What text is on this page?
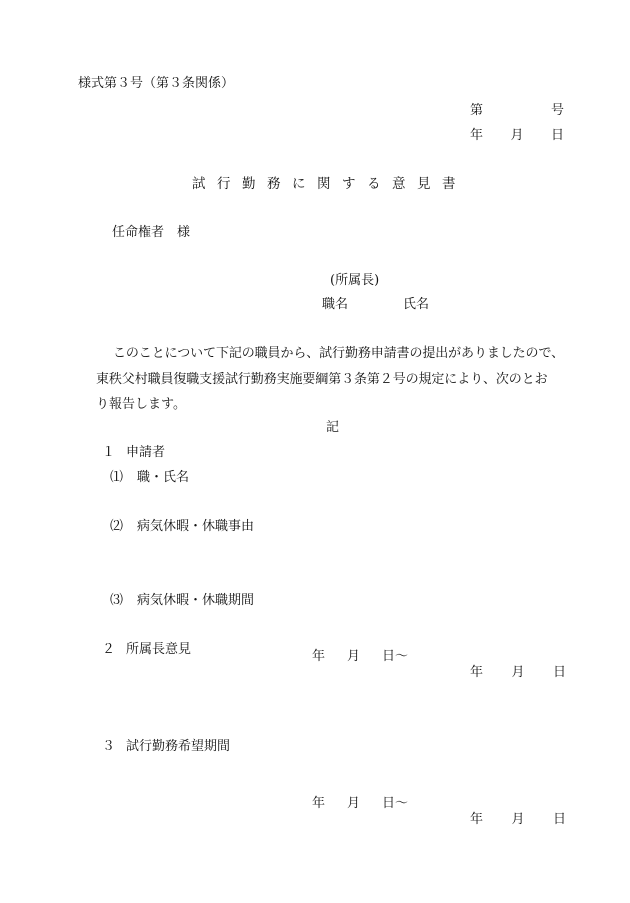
様式第３号（第３条関係）
第	号
年 月 日
試行勤務に関する意見書
任命権者　様
(所属長)
職名	氏名
このことについて下記の職員から、試行勤務申請書の提出がありましたので、
東秩父村職員復職支援試行勤務実施要綱第３条第２号の規定により、次のとお
り報告します。
記
１ 申請者
⑴ 職・氏名
⑵ 病気休暇・休職事由
⑶ 病気休暇・休職期間

年 月 日～

年 月 日

２ 所属長意見
３ 試行勤務希望期間

年 月 日～

年 月 日
